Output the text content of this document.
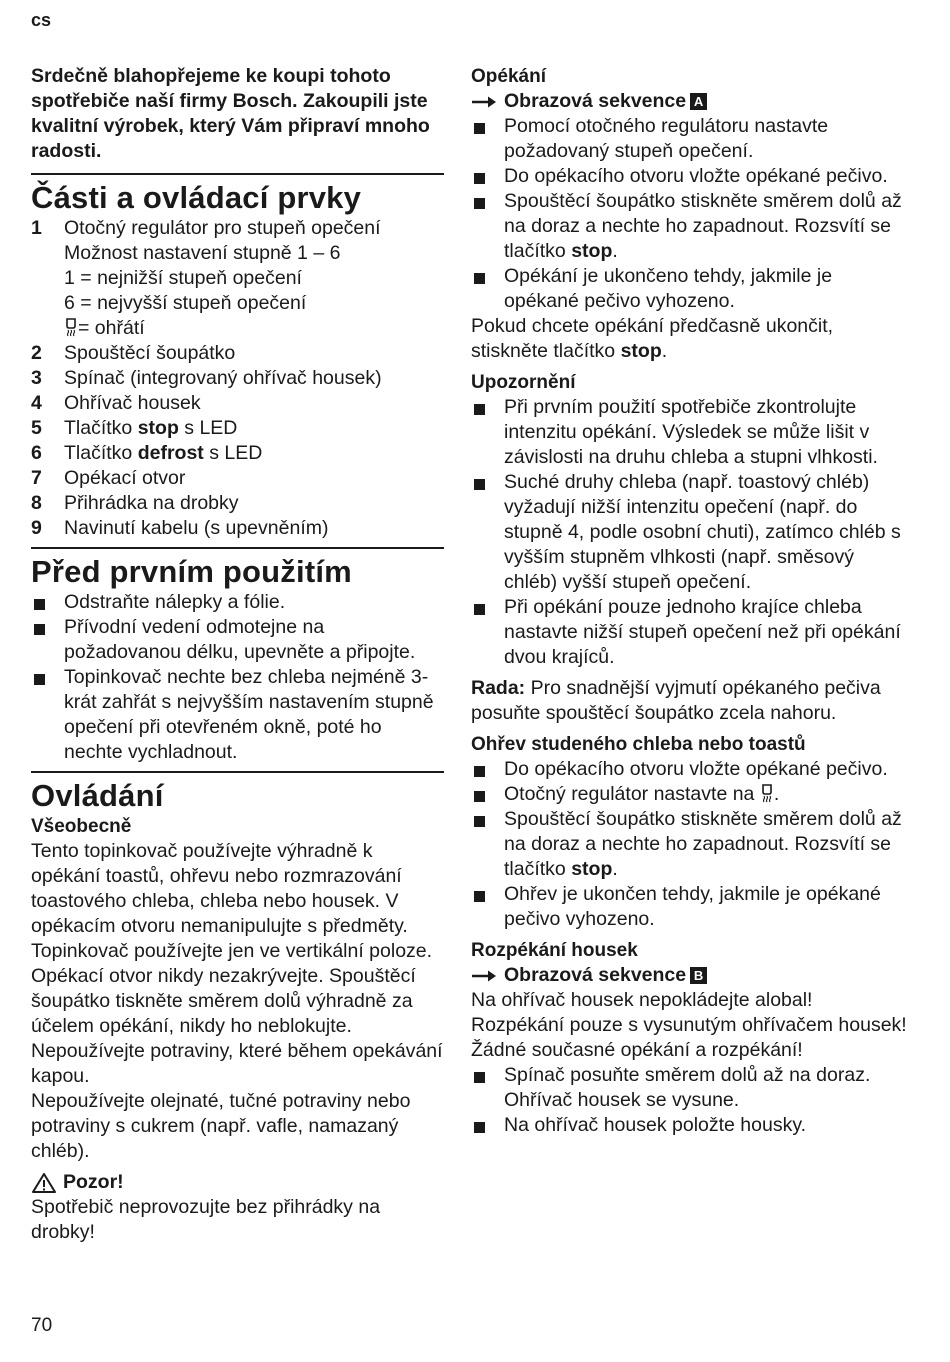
cs

Srdečně blahopřejeme ke koupi tohoto spotřebiče naší firmy Bosch. Zakoupili jste kvalitní výrobek, který Vám připraví mnoho radosti.

Části a ovládací prvky
1	Otočný regulátor pro stupeň opečení
Možnost nastavení stupně 1 – 6
1 = nejnižší stupeň opečení
6 = nejvyšší stupeň opečení
= ohřátí
2	Spouštěcí šoupátko
3	Spínač (integrovaný ohřívač housek)
4	Ohřívač housek
5	Tlačítko stop s LED
6	Tlačítko defrost s LED
7	Opékací otvor
8	Přihrádka na drobky
9	Navinutí kabelu (s upevněním)
Před prvním použitím
Odstraňte nálepky a fólie.
Přívodní vedení odmotejne na požadovanou délku, upevněte a připojte.
Topinkovač nechte bez chleba nejméně 3-krát zahřát s nejvyšším nastavením stupně opečení při otevřeném okně, poté ho nechte vychladnout.
Ovládání
Všeobecně

Tento topinkovač používejte výhradně k opékání toastů, ohřevu nebo rozmrazování toastového chleba, chleba nebo housek. V opékacím otvoru nemanipulujte s předměty. Topinkovač používejte jen ve vertikální poloze. Opékací otvor nikdy nezakrývejte. Spouštěcí šoupátko tiskněte směrem dolů výhradně za účelem opékání, nikdy ho neblokujte. Nepoužívejte potraviny, které během opekávání kapou.

Nepoužívejte olejnaté, tučné potraviny nebo potraviny s cukrem (např. vafle, namazaný chléb).

Pozor!

Spotřebič neprovozujte bez přihrádky na drobky!

Opékání
Obrazová sekvence A
Pomocí otočného regulátoru nastavte požadovaný stupeň opečení.
Do opékacího otvoru vložte opékané pečivo.
Spouštěcí šoupátko stiskněte směrem dolů až na doraz a nechte ho zapadnout. Rozsvítí se tlačítko stop.
Opékání je ukončeno tehdy, jakmile je opékané pečivo vyhozeno.

Pokud chcete opékání předčasně ukončit, stiskněte tlačítko stop.

Upozornění
Při prvním použití spotřebiče zkontrolujte intenzitu opékání. Výsledek se může lišit v závislosti na druhu chleba a stupni vlhkosti.
Suché druhy chleba (např. toastový chléb) vyžadují nižší intenzitu opečení (např. do stupně 4, podle osobní chuti), zatímco chléb s vyšším stupněm vlhkosti (např. směsový chléb) vyšší stupeň opečení.
Při opékání pouze jednoho krajíce chleba nastavte nižší stupeň opečení než při opékání dvou krajíců.

Rada: Pro snadnější vyjmutí opékaného pečiva posuňte spouštěcí šoupátko zcela nahoru.

Ohřev studeného chleba nebo toastů
Do opékacího otvoru vložte opékané pečivo.
Otočný regulátor nastavte na .
Spouštěcí šoupátko stiskněte směrem dolů až na doraz a nechte ho zapadnout. Rozsvítí se tlačítko stop.
Ohřev je ukončen tehdy, jakmile je opékané pečivo vyhozeno.
Rozpékání housek
Obrazová sekvence B

Na ohřívač housek nepokládejte alobal! Rozpékání pouze s vysunutým ohřívačem housek! Žádné současné opékání a rozpékání!

Spínač posuňte směrem dolů až na doraz. Ohřívač housek se vysune.
Na ohřívač housek položte housky.
70
